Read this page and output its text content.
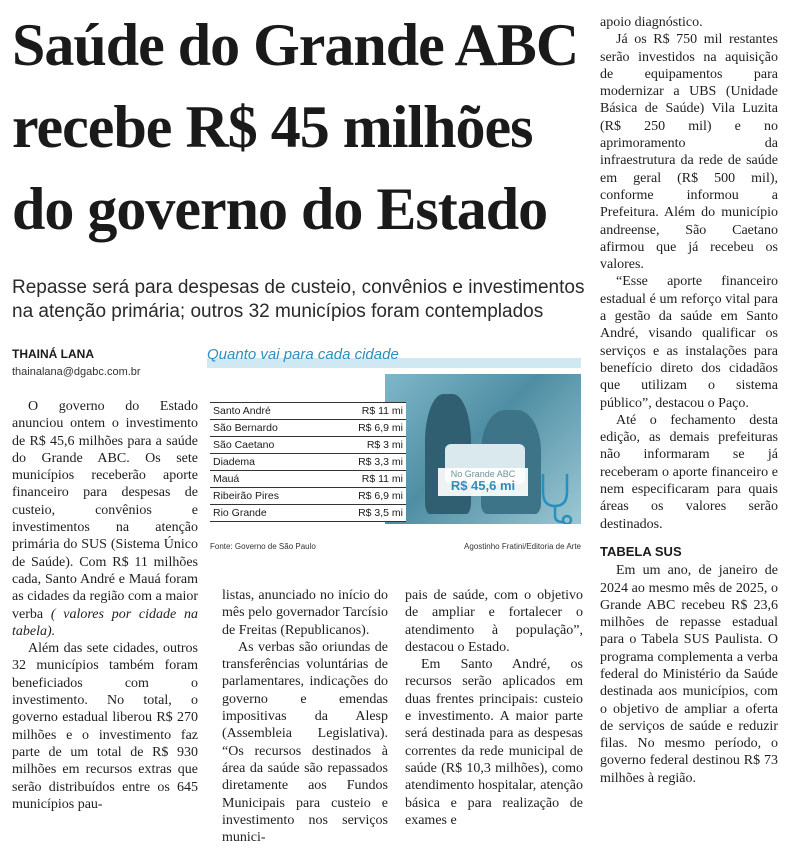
Saúde do Grande ABC recebe R$ 45 milhões do governo do Estado

Repasse será para despesas de custeio, convênios e investimentos na atenção primária; outros 32 municípios foram contemplados

THAINÁ LANA
thainalana@dgabc.com.br
Quanto vai para cada cidade
No Grande ABC
R$ 45,6 mi
Santo André	R$ 11 mi
São Bernardo	R$ 6,9 mi
São Caetano	R$ 3 mi
Diadema	R$ 3,3 mi
Mauá	R$ 11 mi
Ribeirão Pires	R$ 6,9 mi
Rio Grande	R$ 3,5 mi
Fonte: Governo de São Paulo	Agostinho Fratini/Editoria de Arte

O governo do Estado anunciou ontem o investimento de R$ 45,6 milhões para a saúde do Grande ABC. Os sete municípios receberão aporte financeiro para despesas de custeio, convênios e investimentos na atenção primária do SUS (Sistema Único de Saúde). Com R$ 11 milhões cada, Santo André e Mauá foram as cidades da região com a maior verba ( valores por cidade na tabela).

Além das sete cidades, outros 32 municípios também foram beneficiados com o investimento. No total, o governo estadual liberou R$ 270 milhões e o investimento faz parte de um total de R$ 930 milhões em recursos extras que serão distribuídos entre os 645 municípios pau-

listas, anunciado no início do mês pelo governador Tarcísio de Freitas (Republicanos).

As verbas são oriundas de transferências voluntárias de parlamentares, indicações do governo e emendas impositivas da Alesp (Assembleia Legislativa). “Os recursos destinados à área da saúde são repassados diretamente aos Fundos Municipais para custeio e investimento nos serviços munici-

pais de saúde, com o objetivo de ampliar e fortalecer o atendimento à população”, destacou o Estado.

Em Santo André, os recursos serão aplicados em duas frentes principais: custeio e investimento. A maior parte será destinada para as despesas correntes da rede municipal de saúde (R$ 10,3 milhões), como atendimento hospitalar, atenção básica e para realização de exames e

apoio diagnóstico.

Já os R$ 750 mil restantes serão investidos na aquisição de equipamentos para modernizar a UBS (Unidade Básica de Saúde) Vila Luzita (R$ 250 mil) e no aprimoramento da infraestrutura da rede de saúde em geral (R$ 500 mil), conforme informou a Prefeitura. Além do município andreense, São Caetano afirmou que já recebeu os valores.

“Esse aporte financeiro estadual é um reforço vital para a gestão da saúde em Santo André, visando qualificar os serviços e as instalações para benefício direto dos cidadãos que utilizam o sistema público”, destacou o Paço.

Até o fechamento desta edição, as demais prefeituras não informaram se já receberam o aporte financeiro e nem especificaram para quais áreas os valores serão destinados.

TABELA SUS

Em um ano, de janeiro de 2024 ao mesmo mês de 2025, o Grande ABC recebeu R$ 23,6 milhões de repasse estadual para o Tabela SUS Paulista. O programa complementa a verba federal do Ministério da Saúde destinada aos municípios, com o objetivo de ampliar a oferta de serviços de saúde e reduzir filas. No mesmo período, o governo federal destinou R$ 73 milhões à região.
